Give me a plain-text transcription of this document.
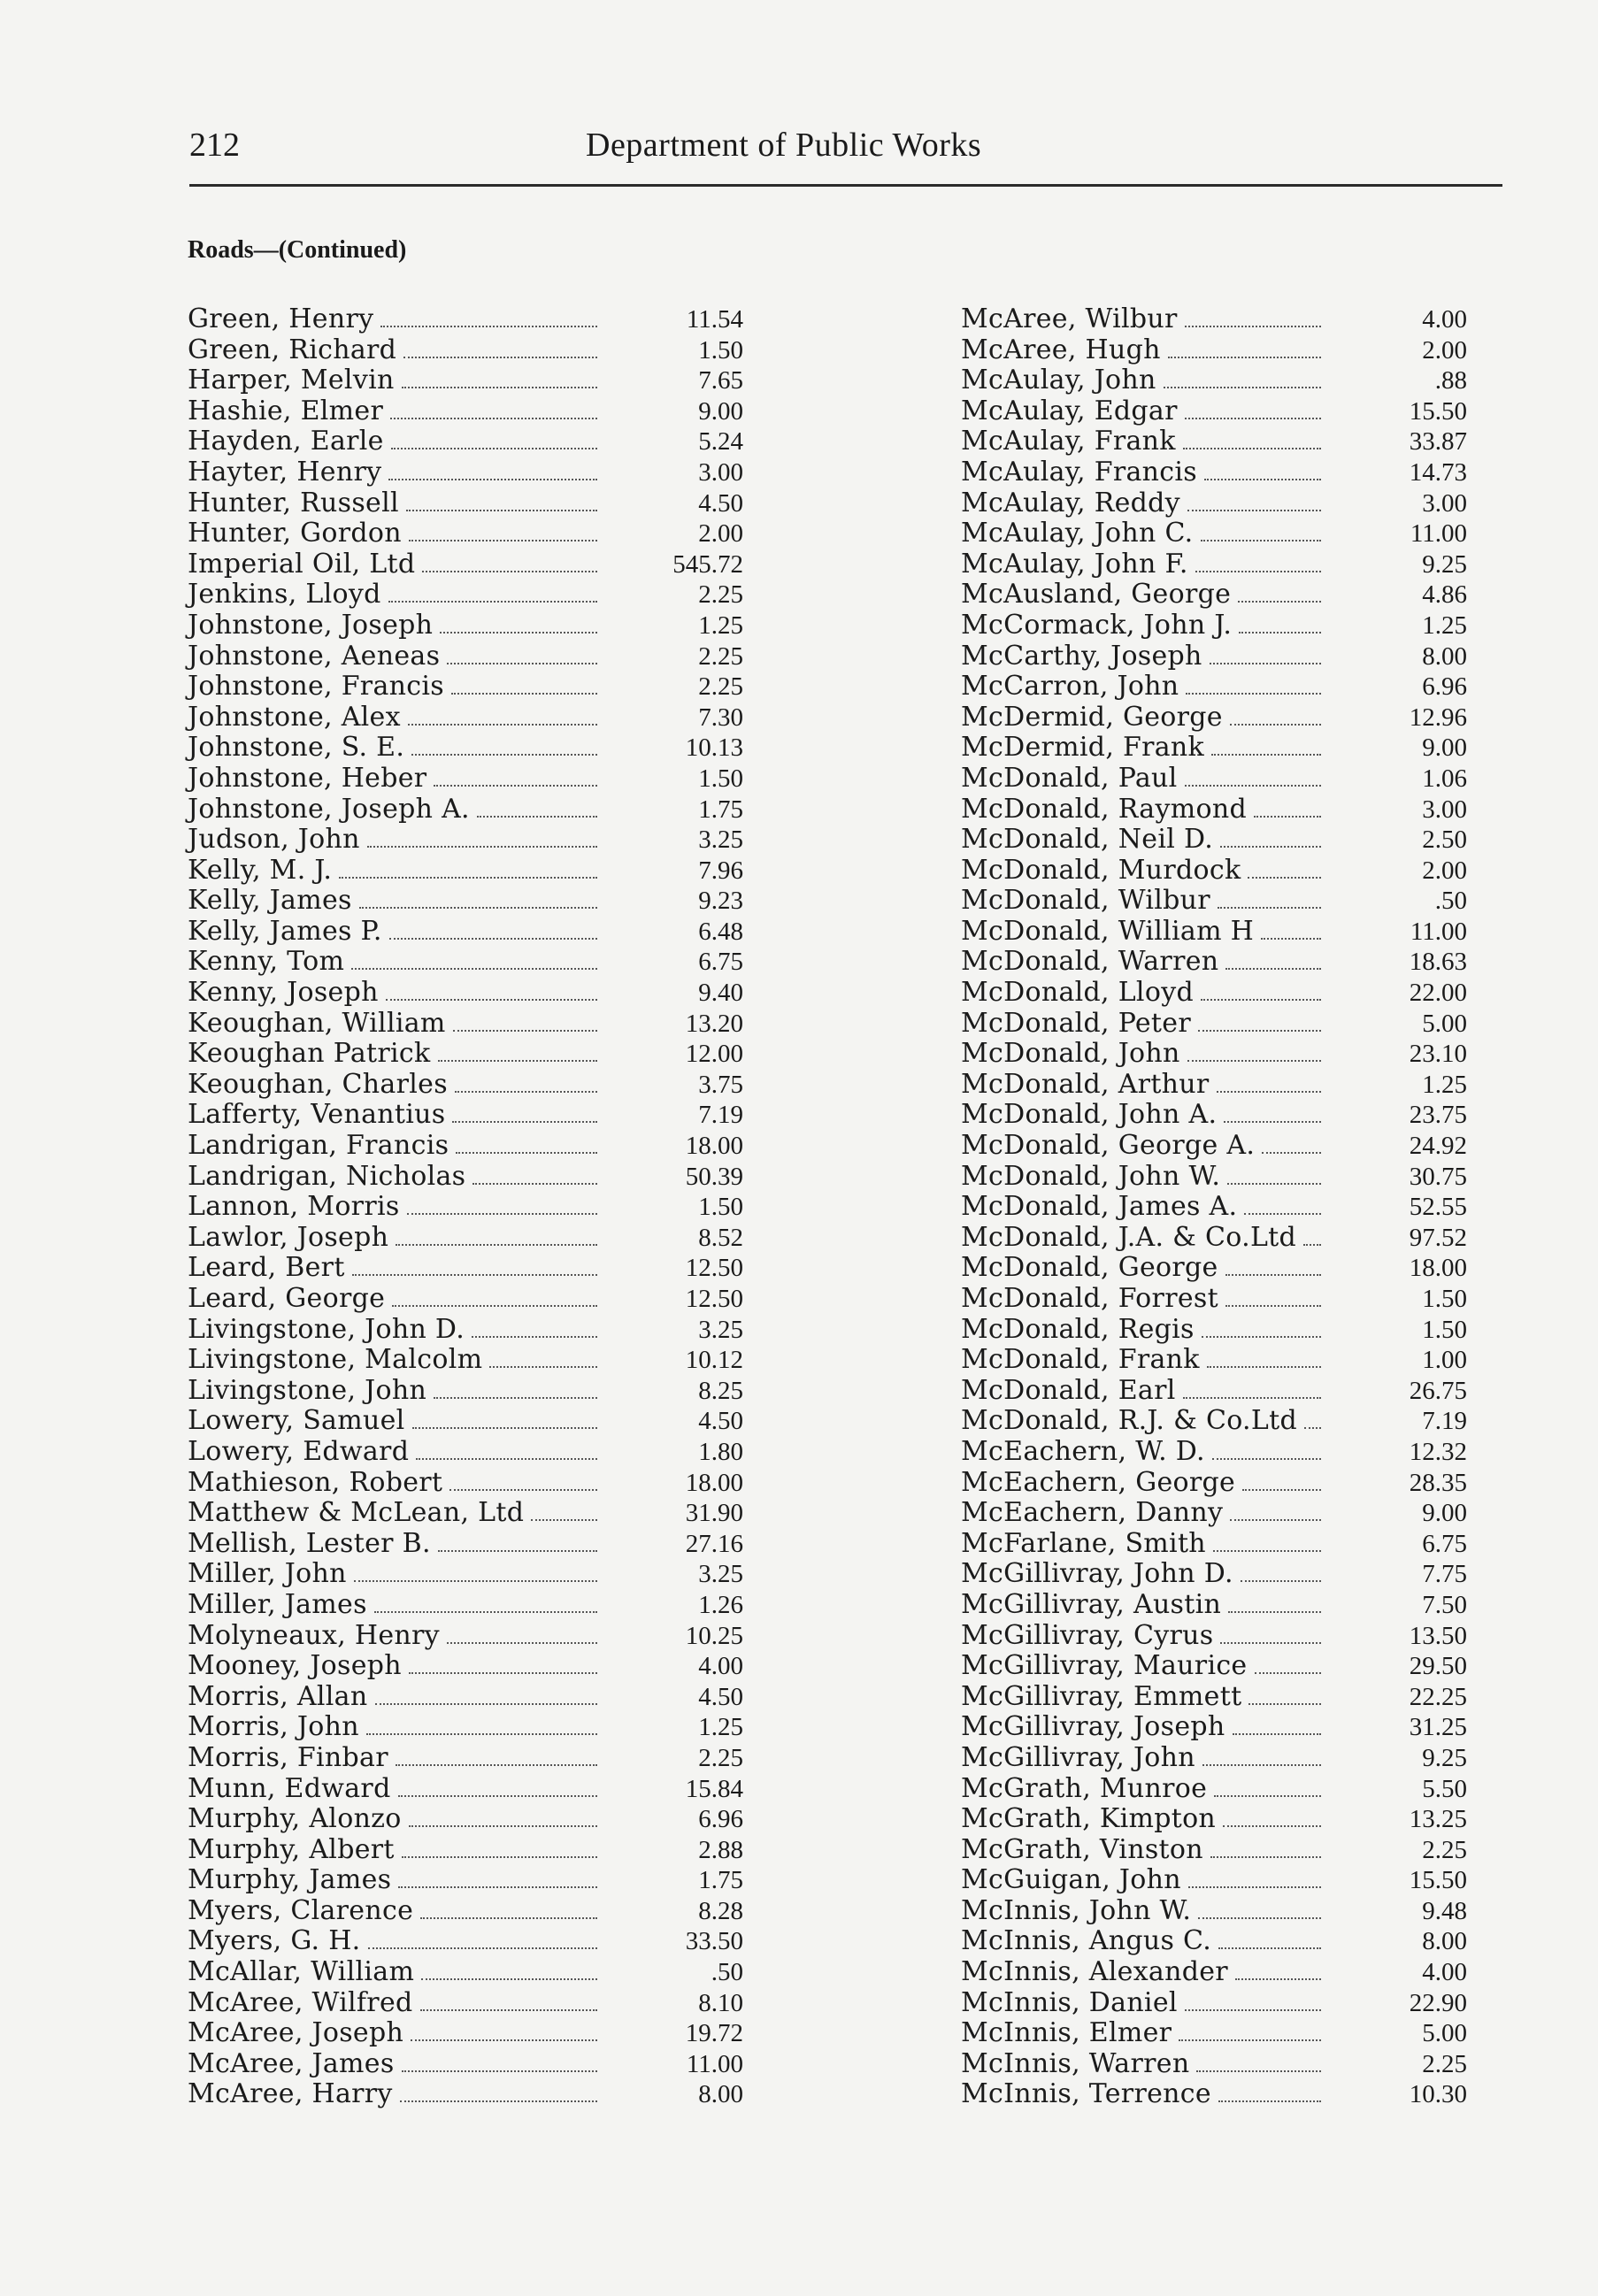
212	Department of Public Works
Roads—(Continued)
Green, Henry	11.54
Green, Richard	1.50
Harper, Melvin	7.65
Hashie, Elmer	9.00
Hayden, Earle	5.24
Hayter, Henry	3.00
Hunter, Russell	4.50
Hunter, Gordon	2.00
Imperial Oil, Ltd	545.72
Jenkins, Lloyd	2.25
Johnstone, Joseph	1.25
Johnstone, Aeneas	2.25
Johnstone, Francis	2.25
Johnstone, Alex	7.30
Johnstone, S. E.	10.13
Johnstone, Heber	1.50
Johnstone, Joseph A.	1.75
Judson, John	3.25
Kelly, M. J.	7.96
Kelly, James	9.23
Kelly, James P.	6.48
Kenny, Tom	6.75
Kenny, Joseph	9.40
Keoughan, William	13.20
Keoughan Patrick	12.00
Keoughan, Charles	3.75
Lafferty, Venantius	7.19
Landrigan, Francis	18.00
Landrigan, Nicholas	50.39
Lannon, Morris	1.50
Lawlor, Joseph	8.52
Leard, Bert	12.50
Leard, George	12.50
Livingstone, John D.	3.25
Livingstone, Malcolm	10.12
Livingstone, John	8.25
Lowery, Samuel	4.50
Lowery, Edward	1.80
Mathieson, Robert	18.00
Matthew & McLean, Ltd	31.90
Mellish, Lester B.	27.16
Miller, John	3.25
Miller, James	1.26
Molyneaux, Henry	10.25
Mooney, Joseph	4.00
Morris, Allan	4.50
Morris, John	1.25
Morris, Finbar	2.25
Munn, Edward	15.84
Murphy, Alonzo	6.96
Murphy, Albert	2.88
Murphy, James	1.75
Myers, Clarence	8.28
Myers, G. H.	33.50
McAllar, William	.50
McAree, Wilfred	8.10
McAree, Joseph	19.72
McAree, James	11.00
McAree, Harry	8.00
McAree, Wilbur	4.00
McAree, Hugh	2.00
McAulay, John	.88
McAulay, Edgar	15.50
McAulay, Frank	33.87
McAulay, Francis	14.73
McAulay, Reddy	3.00
McAulay, John C.	11.00
McAulay, John F.	9.25
McAusland, George	4.86
McCormack, John J.	1.25
McCarthy, Joseph	8.00
McCarron, John	6.96
McDermid, George	12.96
McDermid, Frank	9.00
McDonald, Paul	1.06
McDonald, Raymond	3.00
McDonald, Neil D.	2.50
McDonald, Murdock	2.00
McDonald, Wilbur	.50
McDonald, William H	11.00
McDonald, Warren	18.63
McDonald, Lloyd	22.00
McDonald, Peter	5.00
McDonald, John	23.10
McDonald, Arthur	1.25
McDonald, John A.	23.75
McDonald, George A.	24.92
McDonald, John W.	30.75
McDonald, James A.	52.55
McDonald, J.A. & Co.Ltd	97.52
McDonald, George	18.00
McDonald, Forrest	1.50
McDonald, Regis	1.50
McDonald, Frank	1.00
McDonald, Earl	26.75
McDonald, R.J. & Co.Ltd	7.19
McEachern, W. D.	12.32
McEachern, George	28.35
McEachern, Danny	9.00
McFarlane, Smith	6.75
McGillivray, John D.	7.75
McGillivray, Austin	7.50
McGillivray, Cyrus	13.50
McGillivray, Maurice	29.50
McGillivray, Emmett	22.25
McGillivray, Joseph	31.25
McGillivray, John	9.25
McGrath, Munroe	5.50
McGrath, Kimpton	13.25
McGrath, Vinston	2.25
McGuigan, John	15.50
McInnis, John W.	9.48
McInnis, Angus C.	8.00
McInnis, Alexander	4.00
McInnis, Daniel	22.90
McInnis, Elmer	5.00
McInnis, Warren	2.25
McInnis, Terrence	10.30
